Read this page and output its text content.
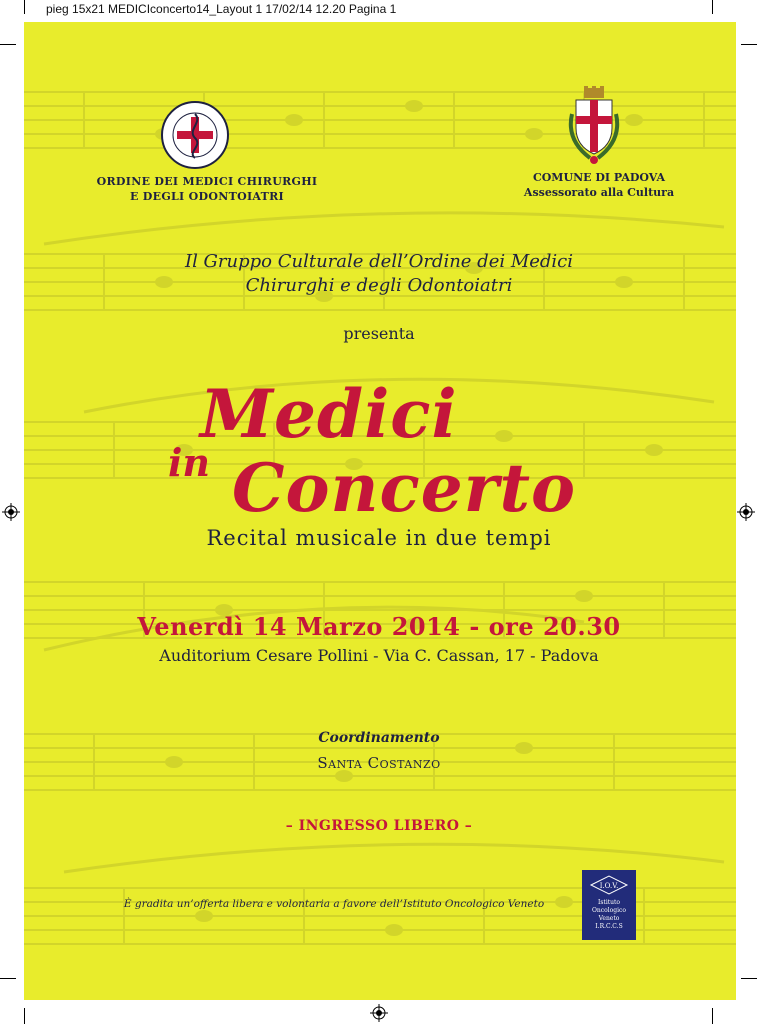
pieg 15x21 MEDICIconcerto14_Layout 1 17/02/14 12.20 Pagina 1
ORDINE DEI MEDICI CHIRURGHI
E DEGLI ODONTOIATRI
COMUNE DI PADOVA
Assessorato alla Cultura
Il Gruppo Culturale dell’Ordine dei Medici
Chirurghi e degli Odontoiatri
presenta
Medici
in Concerto
Recital musicale in due tempi
Venerdì 14 Marzo 2014 - ore 20.30
Auditorium Cesare Pollini - Via C. Cassan, 17 - Padova
Coordinamento
Santa Costanzo
– INGRESSO LIBERO –
È gradita un’offerta libera e volontaria a favore dell’Istituto Oncologico Veneto
I.O.V.
Istituto
Oncologico
Veneto
I.R.C.C.S
